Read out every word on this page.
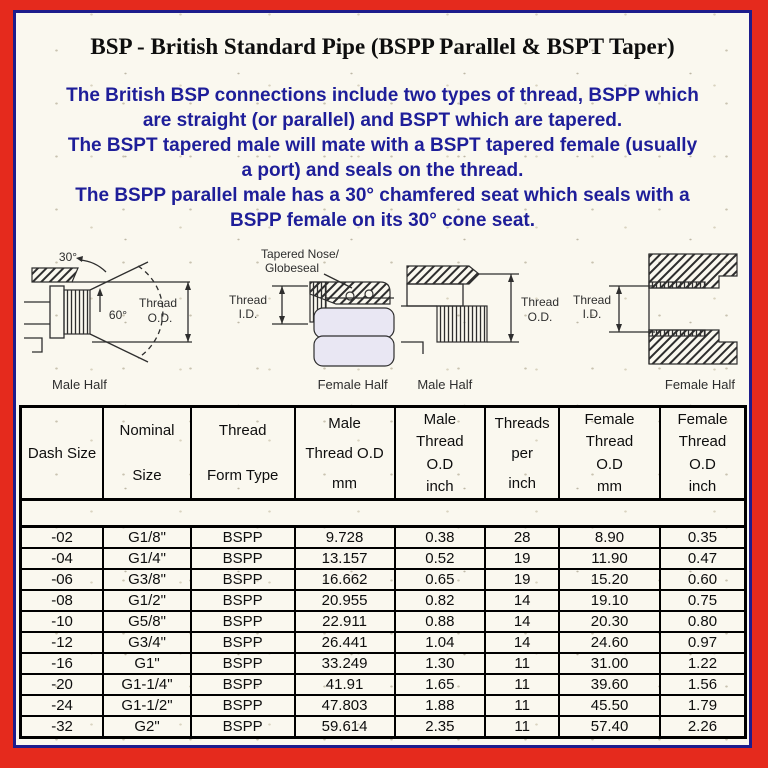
BSP - British Standard Pipe (BSPP Parallel & BSPT Taper)
The British BSP connections include two types of thread, BSPP which
are straight (or parallel) and BSPT which are tapered.
The BSPT tapered male will mate with a BSPT tapered female (usually
a port) and seals on the thread.
The BSPP parallel male has a 30° chamfered seat which seals with a
BSPP female on its 30° cone seat.
30°
60°
Thread
O.D.
Male Half
Tapered Nose/
Globeseal
Thread
I.D.
Female Half
Thread
O.D.
Male Half
Thread
I.D.
Female Half
Dash Size

Nominal
Size

Thread
Form Type

Male
Thread O.D
mm

Male
Thread
O.D
inch

Threads
per
inch

Female
Thread
O.D
mm

Female
Thread
O.D
inch

-02	G1/8"	BSPP	9.728	0.38	28	8.90	0.35
-04	G1/4"	BSPP	13.157	0.52	19	11.90	0.47
-06	G3/8"	BSPP	16.662	0.65	19	15.20	0.60
-08	G1/2"	BSPP	20.955	0.82	14	19.10	0.75
-10	G5/8"	BSPP	22.911	0.88	14	20.30	0.80
-12	G3/4"	BSPP	26.441	1.04	14	24.60	0.97
-16	G1"	BSPP	33.249	1.30	11	31.00	1.22
-20	G1-1/4"	BSPP	41.91	1.65	11	39.60	1.56
-24	G1-1/2"	BSPP	47.803	1.88	11	45.50	1.79
-32	G2"	BSPP	59.614	2.35	11	57.40	2.26
